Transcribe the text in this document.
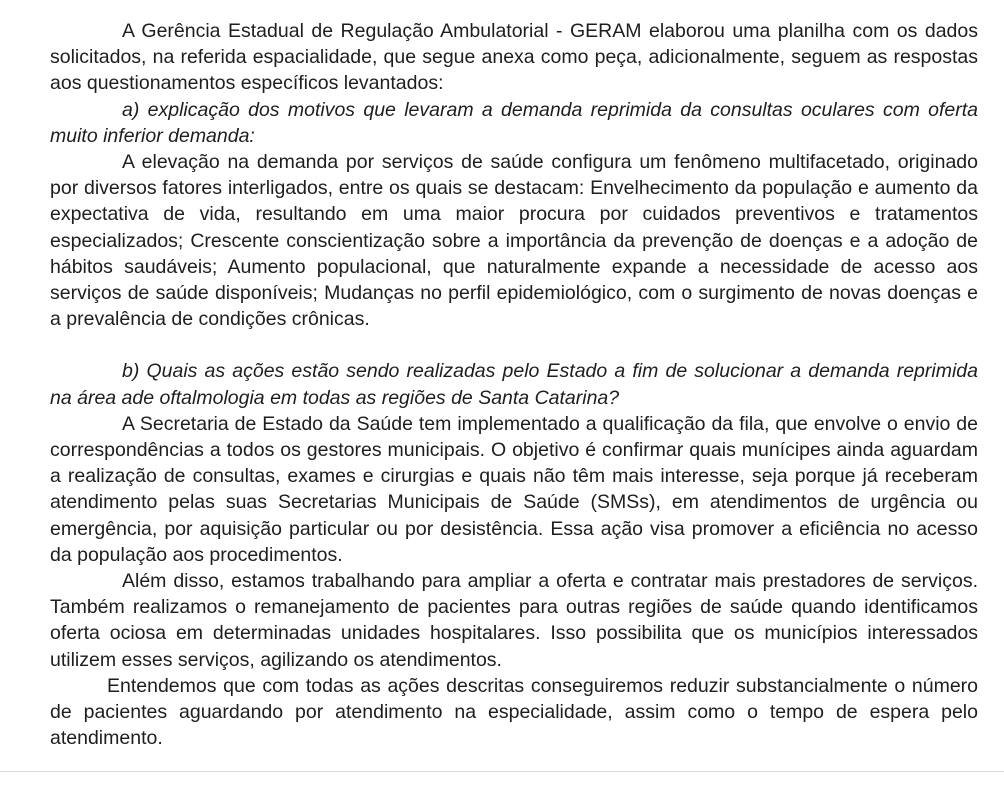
A Gerência Estadual de Regulação Ambulatorial - GERAM elaborou uma planilha com os dados solicitados, na referida espacialidade, que segue anexa como peça, adicionalmente, seguem as respostas aos questionamentos específicos levantados:

a) explicação dos motivos que levaram a demanda reprimida da consultas oculares com oferta muito inferior demanda:

A elevação na demanda por serviços de saúde configura um fenômeno multifacetado, originado por diversos fatores interligados, entre os quais se destacam: Envelhecimento da população e aumento da expectativa de vida, resultando em uma maior procura por cuidados preventivos e tratamentos especializados; Crescente conscientização sobre a importância da prevenção de doenças e a adoção de hábitos saudáveis; Aumento populacional, que naturalmente expande a necessidade de acesso aos serviços de saúde disponíveis; Mudanças no perfil epidemiológico, com o surgimento de novas doenças e a prevalência de condições crônicas.

b) Quais as ações estão sendo realizadas pelo Estado a fim de solucionar a demanda reprimida na área ade oftalmologia em todas as regiões de Santa Catarina?

A Secretaria de Estado da Saúde tem implementado a qualificação da fila, que envolve o envio de correspondências a todos os gestores municipais. O objetivo é confirmar quais munícipes ainda aguardam a realização de consultas, exames e cirurgias e quais não têm mais interesse, seja porque já receberam atendimento pelas suas Secretarias Municipais de Saúde (SMSs), em atendimentos de urgência ou emergência, por aquisição particular ou por desistência. Essa ação visa promover a eficiência no acesso da população aos procedimentos.

Além disso, estamos trabalhando para ampliar a oferta e contratar mais prestadores de serviços. Também realizamos o remanejamento de pacientes para outras regiões de saúde quando identificamos oferta ociosa em determinadas unidades hospitalares. Isso possibilita que os municípios interessados utilizem esses serviços, agilizando os atendimentos.

Entendemos que com todas as ações descritas conseguiremos reduzir substancialmente o número de pacientes aguardando por atendimento na especialidade, assim como o tempo de espera pelo atendimento.
